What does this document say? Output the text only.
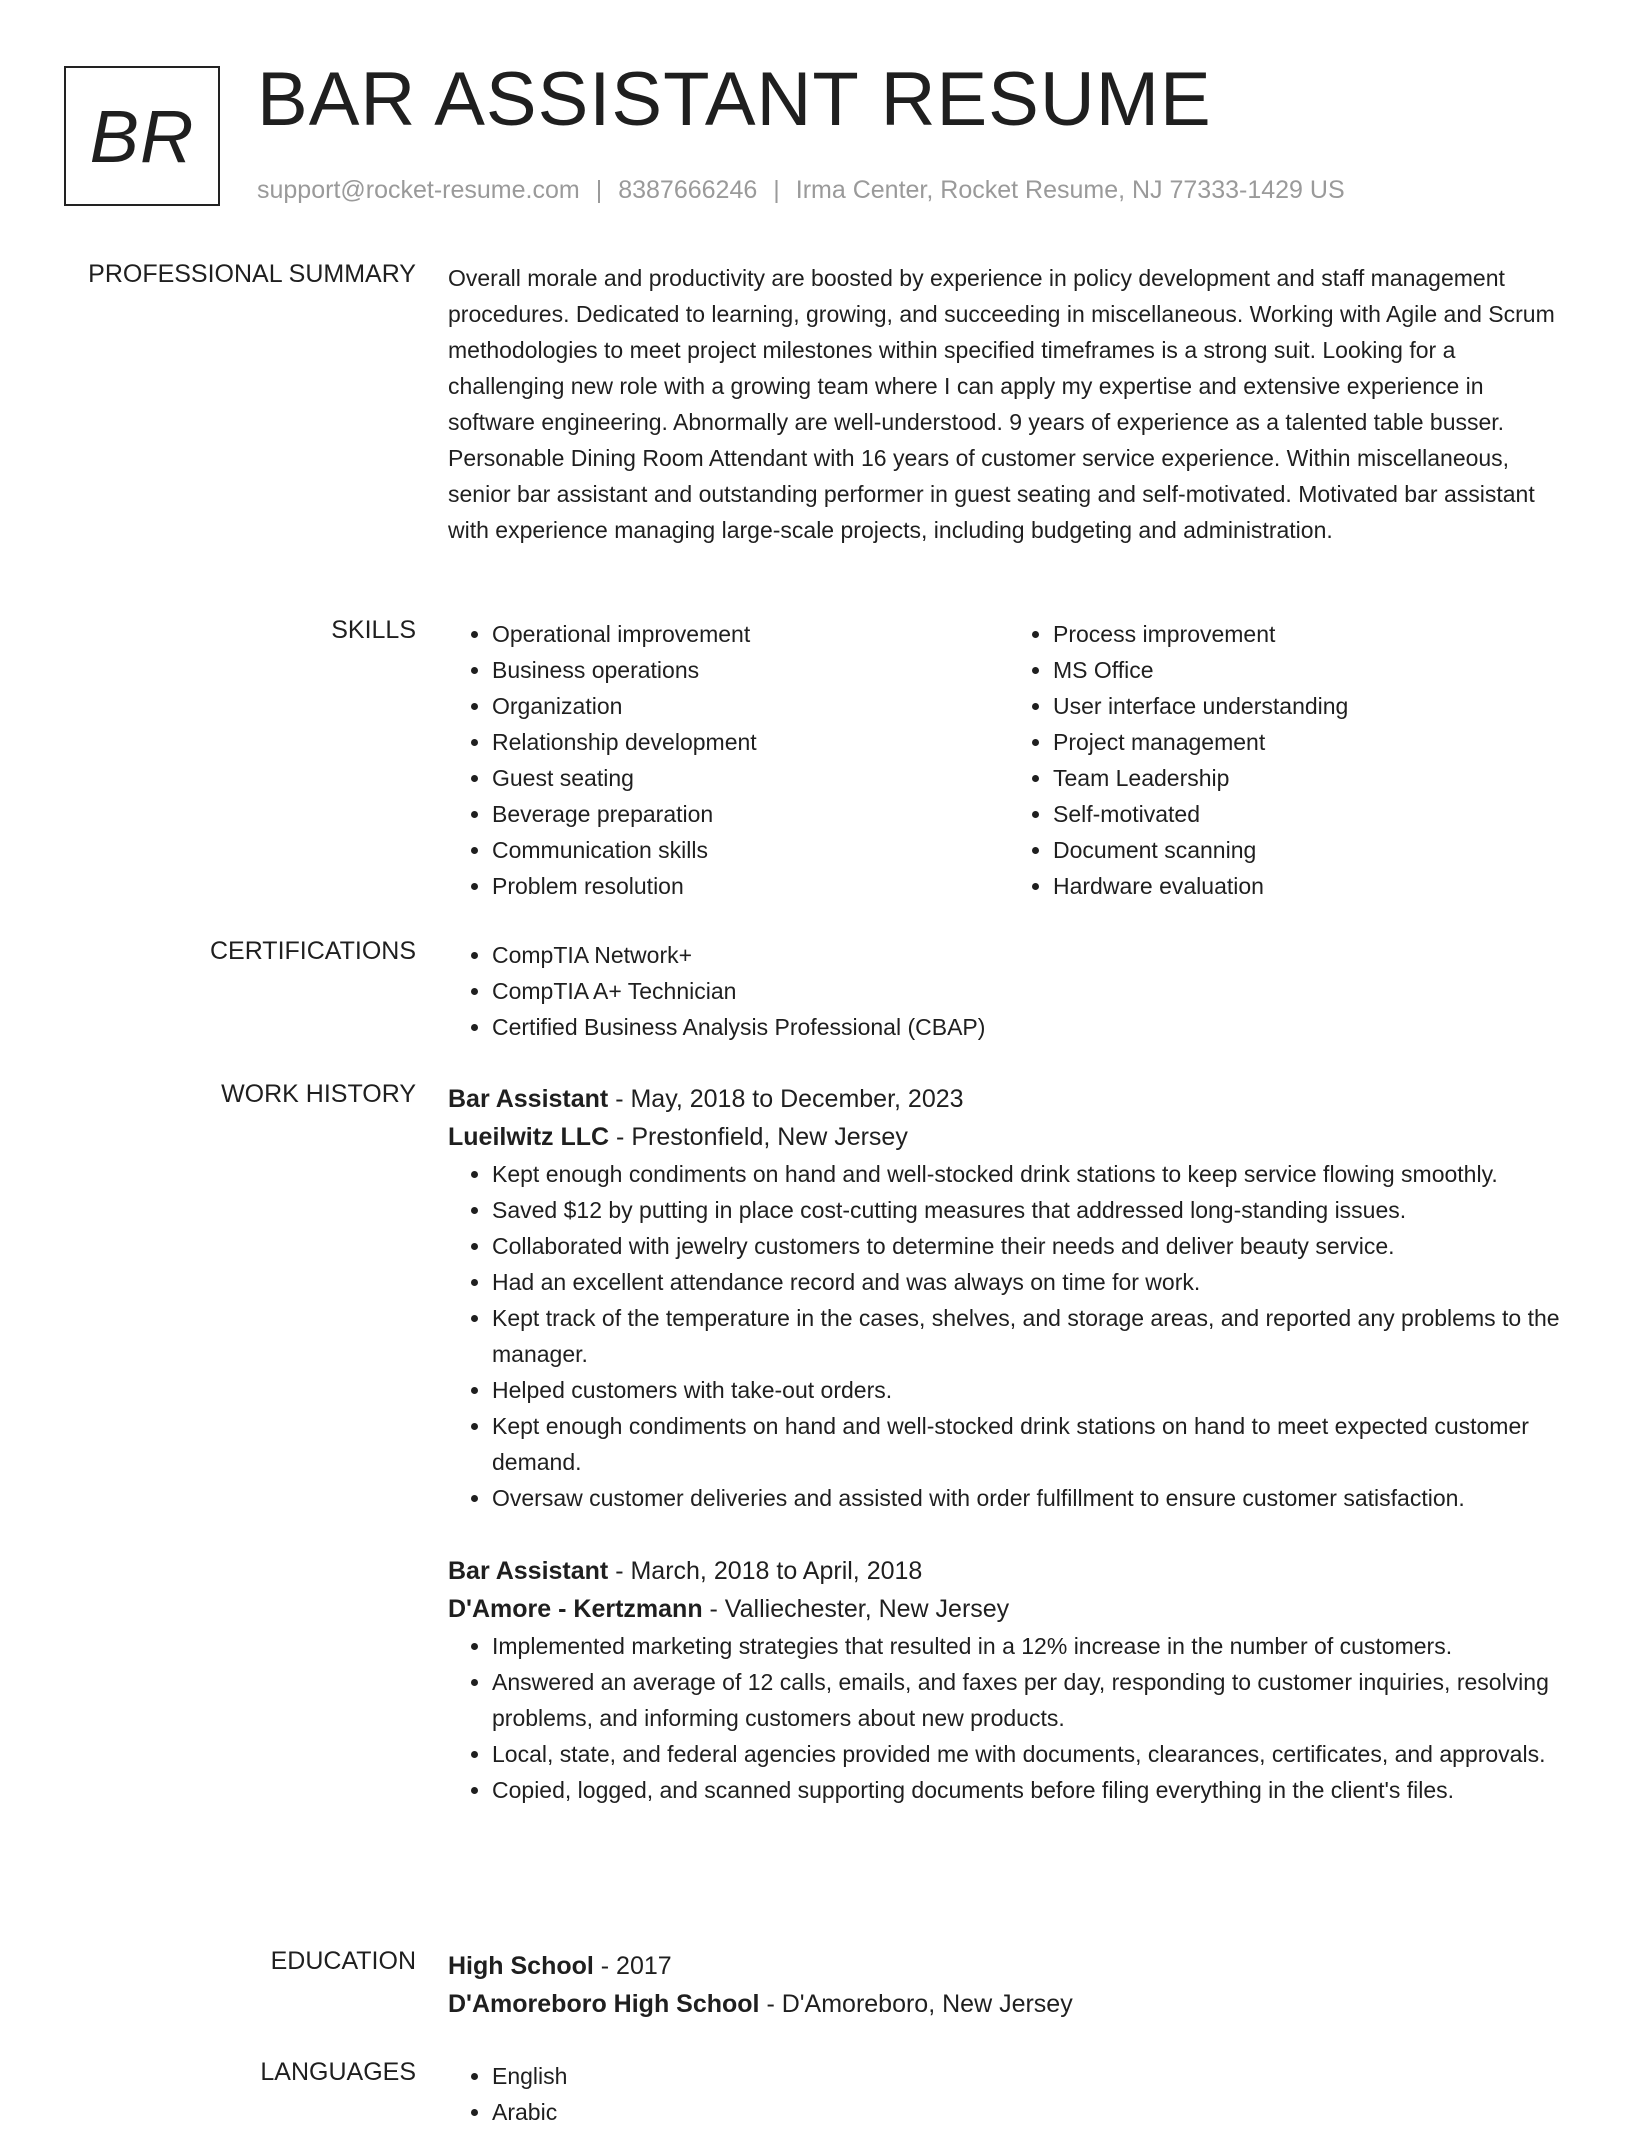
BR BAR ASSISTANT RESUME
support@rocket-resume.com | 8387666246 | Irma Center, Rocket Resume, NJ 77333-1429 US
PROFESSIONAL SUMMARY Overall morale and productivity are boosted by experience in policy development and staff management procedures. Dedicated to learning, growing, and succeeding in miscellaneous. Working with Agile and Scrum methodologies to meet project milestones within specified timeframes is a strong suit. Looking for a challenging new role with a growing team where I can apply my expertise and extensive experience in software engineering. Abnormally are well-understood. 9 years of experience as a talented table busser. Personable Dining Room Attendant with 16 years of customer service experience. Within miscellaneous, senior bar assistant and outstanding performer in guest seating and self-motivated. Motivated bar assistant with experience managing large-scale projects, including budgeting and administration.

SKILLS	• Operational improvement
• Business operations
• Organization
• Relationship development
• Guest seating
• Beverage preparation
• Communication skills
• Problem resolution
• Process improvement
• MS Office
• User interface understanding
• Project management
• Team Leadership
• Self-motivated
• Document scanning
• Hardware evaluation
CERTIFICATIONS	• CompTIA Network+
• CompTIA A+ Technician
• Certified Business Analysis Professional (CBAP)
WORK HISTORY Bar Assistant - May, 2018 to December, 2023
Lueilwitz LLC - Prestonfield, New Jersey
• Kept enough condiments on hand and well-stocked drink stations to keep service flowing smoothly.
• Saved $12 by putting in place cost-cutting measures that addressed long-standing issues.
• Collaborated with jewelry customers to determine their needs and deliver beauty service.
• Had an excellent attendance record and was always on time for work.
• Kept track of the temperature in the cases, shelves, and storage areas, and reported any problems to the manager.
• Helped customers with take-out orders.
• Kept enough condiments on hand and well-stocked drink stations on hand to meet expected customer demand.
• Oversaw customer deliveries and assisted with order fulfillment to ensure customer satisfaction.
Bar Assistant - March, 2018 to April, 2018
D'Amore - Kertzmann - Valliechester, New Jersey
• Implemented marketing strategies that resulted in a 12% increase in the number of customers.
• Answered an average of 12 calls, emails, and faxes per day, responding to customer inquiries, resolving problems, and informing customers about new products.
• Local, state, and federal agencies provided me with documents, clearances, certificates, and approvals.
• Copied, logged, and scanned supporting documents before filing everything in the client's files.
EDUCATION High School - 2017
D'Amoreboro High School - D'Amoreboro, New Jersey
LANGUAGES	• English
• Arabic
